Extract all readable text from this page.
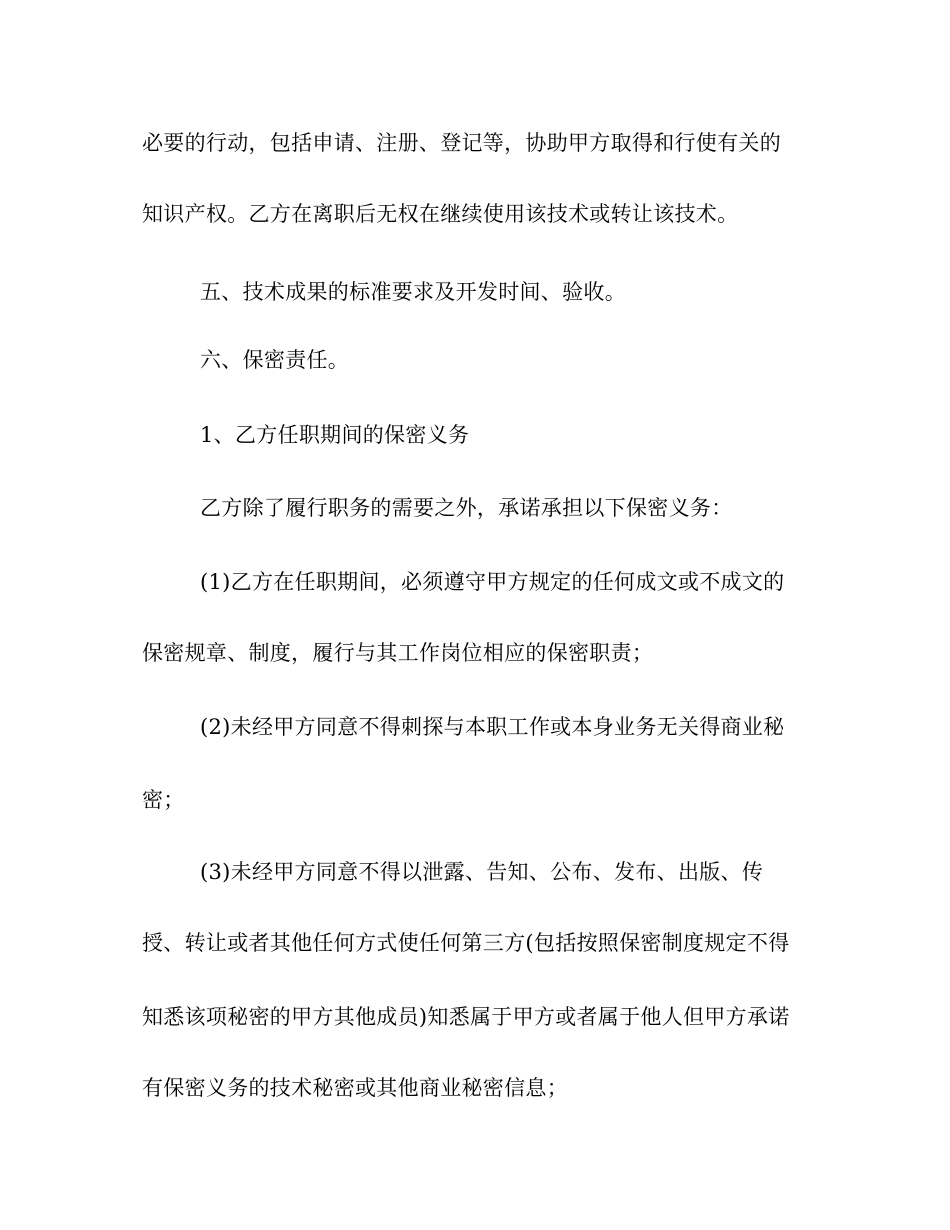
必要的行动，包括申请、注册、登记等，协助甲方取得和行使有关的
知识产权。乙方在离职后无权在继续使用该技术或转让该技术。
五、技术成果的标准要求及开发时间、验收。
六、保密责任。
1、乙方任职期间的保密义务
乙方除了履行职务的需要之外，承诺承担以下保密义务：
(1)乙方在任职期间，必须遵守甲方规定的任何成文或不成文的
保密规章、制度，履行与其工作岗位相应的保密职责；
(2)未经甲方同意不得刺探与本职工作或本身业务无关得商业秘
密；
(3)未经甲方同意不得以泄露、告知、公布、发布、出版、传
授、转让或者其他任何方式使任何第三方(包括按照保密制度规定不得
知悉该项秘密的甲方其他成员)知悉属于甲方或者属于他人但甲方承诺
有保密义务的技术秘密或其他商业秘密信息；
